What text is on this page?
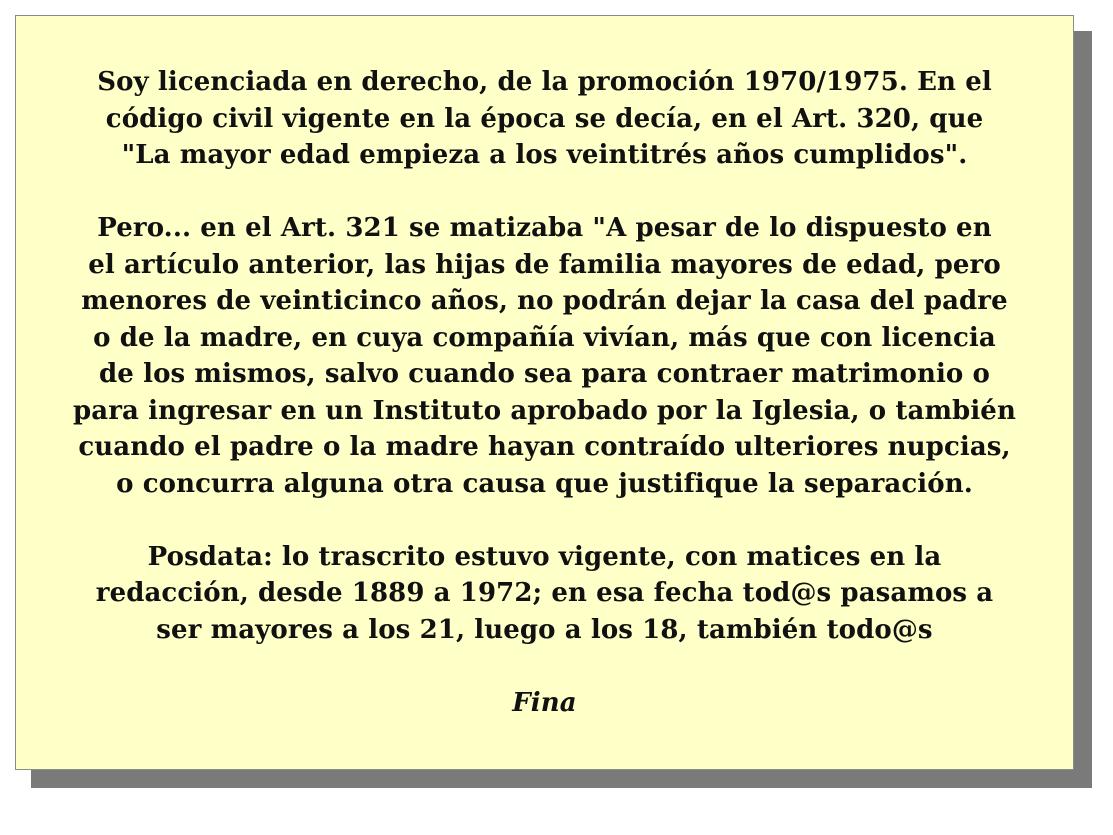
Soy licenciada en derecho, de la promoción 1970/1975. En el
código civil vigente en la época se decía, en el Art. 320, que
"La mayor edad empieza a los veintitrés años cumplidos".

Pero... en el Art. 321 se matizaba "A pesar de lo dispuesto en
el artículo anterior, las hijas de familia mayores de edad, pero
menores de veinticinco años, no podrán dejar la casa del padre
o de la madre, en cuya compañía vivían, más que con licencia
de los mismos, salvo cuando sea para contraer matrimonio o
para ingresar en un Instituto aprobado por la Iglesia, o también
cuando el padre o la madre hayan contraído ulteriores nupcias,
o concurra alguna otra causa que justifique la separación.

Posdata: lo trascrito estuvo vigente, con matices en la
redacción, desde 1889 a 1972; en esa fecha tod@s pasamos a
ser mayores a los 21, luego a los 18, también todo@s

Fina
